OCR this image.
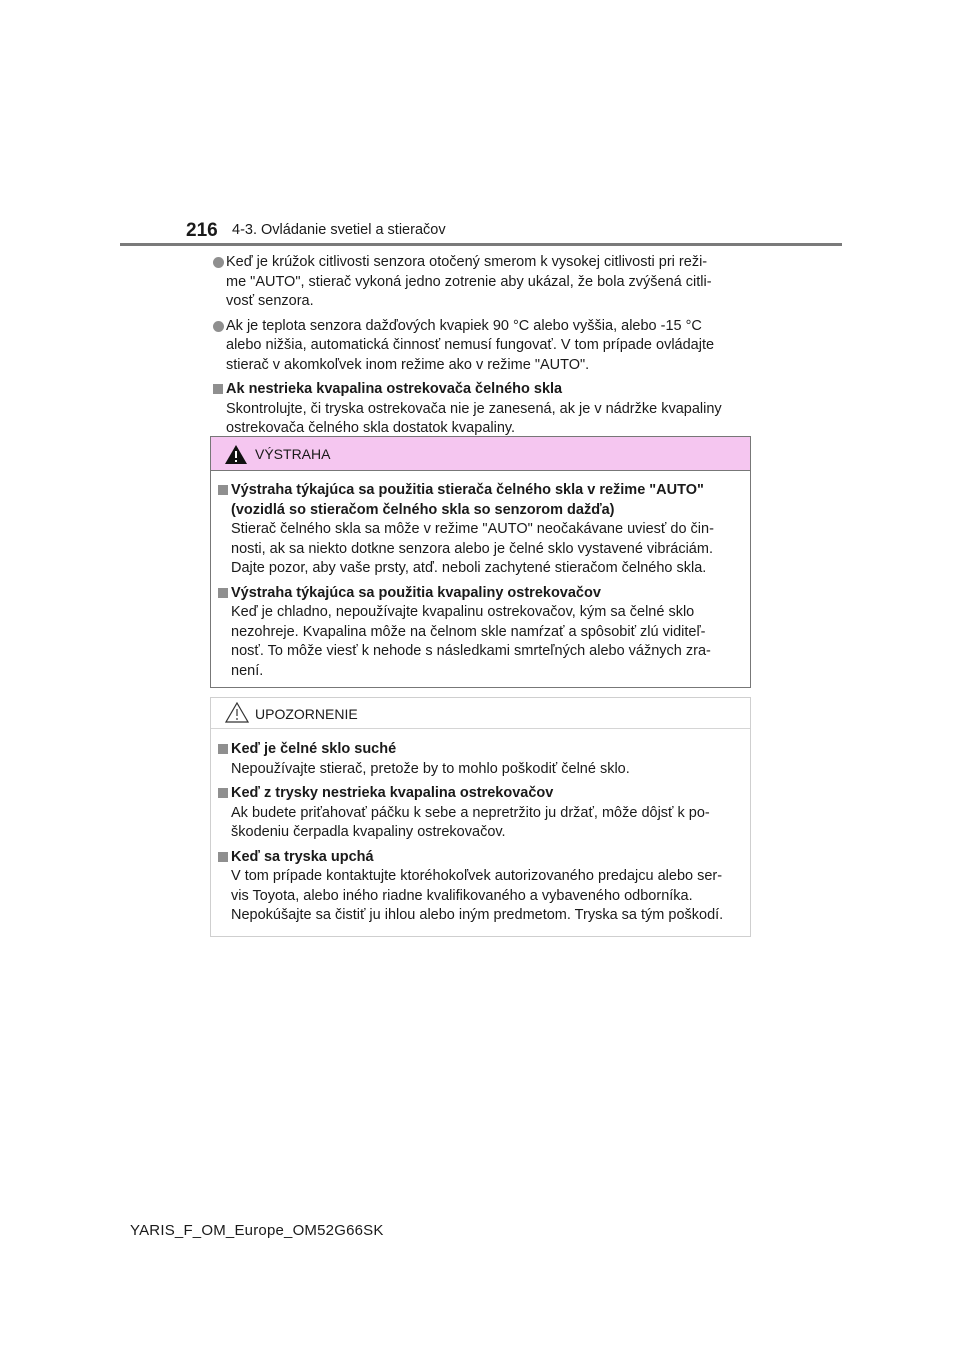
216 4-3. Ovládanie svetiel a stieračov
Keď je krúžok citlivosti senzora otočený smerom k vysokej citlivosti pri reži-
me "AUTO", stierač vykoná jedno zotrenie aby ukázal, že bola zvýšená citli-
vosť senzora.
Ak je teplota senzora dažďových kvapiek 90 °C alebo vyššia, alebo -15 °C
alebo nižšia, automatická činnosť nemusí fungovať. V tom prípade ovládajte
stierač v akomkoľvek inom režime ako v režime "AUTO".
Ak nestrieka kvapalina ostrekovača čelného skla
Skontrolujte, či tryska ostrekovača nie je zanesená, ak je v nádržke kvapaliny
ostrekovača čelného skla dostatok kvapaliny.
VÝSTRAHA
Výstraha týkajúca sa použitia stierača čelného skla v režime "AUTO"
(vozidlá so stieračom čelného skla so senzorom dažďa)
Stierač čelného skla sa môže v režime "AUTO" neočakávane uviesť do čin-
nosti, ak sa niekto dotkne senzora alebo je čelné sklo vystavené vibráciám.
Dajte pozor, aby vaše prsty, atď. neboli zachytené stieračom čelného skla.
Výstraha týkajúca sa použitia kvapaliny ostrekovačov
Keď je chladno, nepoužívajte kvapalinu ostrekovačov, kým sa čelné sklo
nezohreje. Kvapalina môže na čelnom skle namŕzať a spôsobiť zlú viditeľ-
nosť. To môže viesť k nehode s následkami smrteľných alebo vážnych zra-
není.
UPOZORNENIE
Keď je čelné sklo suché
Nepoužívajte stierač, pretože by to mohlo poškodiť čelné sklo.
Keď z trysky nestrieka kvapalina ostrekovačov
Ak budete priťahovať páčku k sebe a nepretržito ju držať, môže dôjsť k po-
škodeniu čerpadla kvapaliny ostrekovačov.
Keď sa tryska upchá
V tom prípade kontaktujte ktoréhokoľvek autorizovaného predajcu alebo ser-
vis Toyota, alebo iného riadne kvalifikovaného a vybaveného odborníka.
Nepokúšajte sa čistiť ju ihlou alebo iným predmetom. Tryska sa tým poškodí.
YARIS_F_OM_Europe_OM52G66SK
